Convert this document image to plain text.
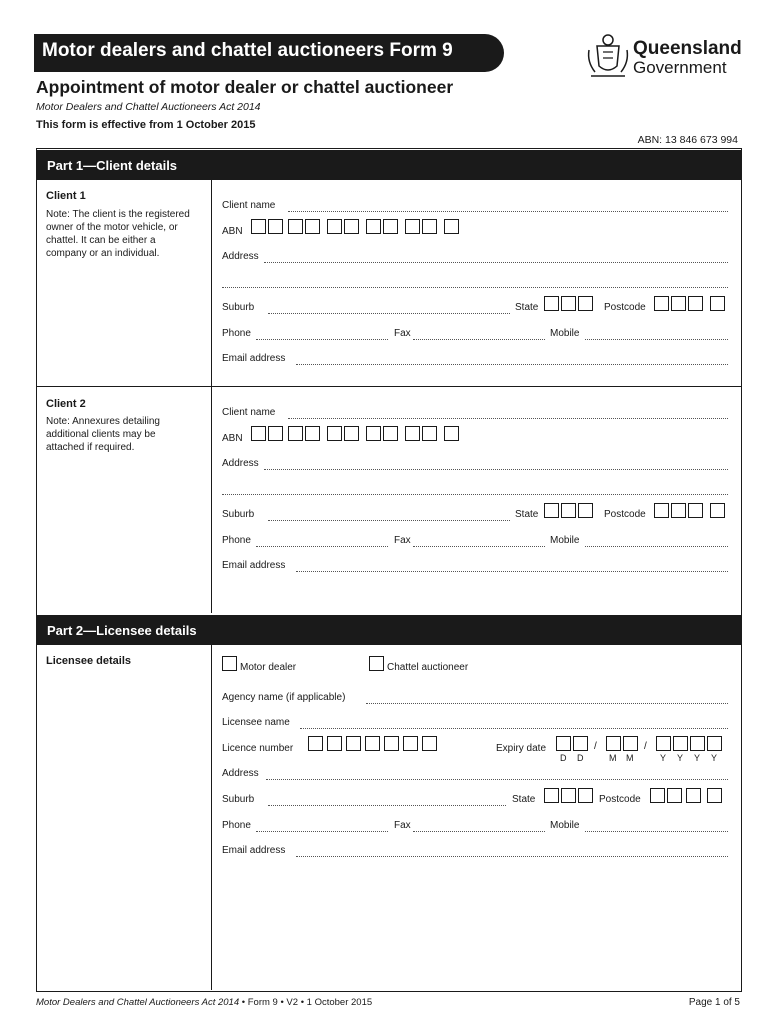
Motor dealers and chattel auctioneers Form 9	Queensland
Government
Appointment of motor dealer or chattel auctioneer
Motor Dealers and Chattel Auctioneers Act 2014
This form is effective from 1 October 2015
ABN: 13 846 673 994
Part 1—Client details
Client 1
Note: The client is the registered owner of the motor vehicle, or chattel. It can be either a company or an individual.
Client name
ABN
Address
Suburb	State	Postcode
Phone	Fax	Mobile
Email address
Client 2
Note: Annexures detailing additional clients may be attached if required.
Client name
ABN
Address
Suburb	State	Postcode
Phone	Fax	Mobile
Email address
Part 2—Licensee details
Licensee details
Motor dealer	Chattel auctioneer
Agency name (if applicable)
Licensee name
Licence number	Expiry date	/	/
D D	M M	Y Y Y Y
Address
Suburb	State	Postcode
Phone	Fax	Mobile
Email address
Motor Dealers and Chattel Auctioneers Act 2014 • Form 9 • V2 • 1 October 2015	Page 1 of 5
